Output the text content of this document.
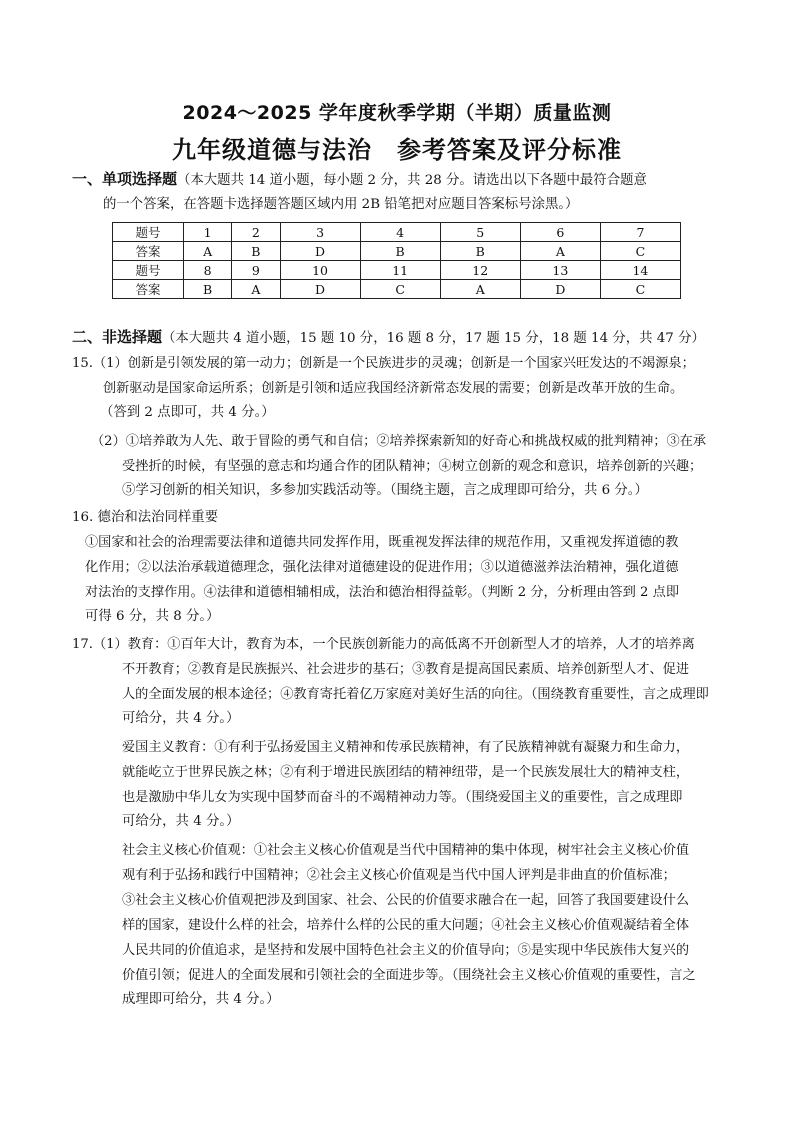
2024～2025 学年度秋季学期（半期）质量监测
九年级道德与法治　参考答案及评分标准
一、单项选择题（本大题共 14 道小题，每小题 2 分，共 28 分。请选出以下各题中最符合题意
的一个答案，在答题卡选择题答题区域内用 2B 铅笔把对应题目答案标号涂黑。）
题号	1	2	3	4	5	6	7
答案	A	B	D	B	B	A	C
题号	8	9	10	11	12	13	14
答案	B	A	D	C	A	D	C
二、非选择题（本大题共 4 道小题，15 题 10 分，16 题 8 分，17 题 15 分，18 题 14 分，共 47 分）
15.（1）创新是引领发展的第一动力；创新是一个民族进步的灵魂；创新是一个国家兴旺发达的不竭源泉；
创新驱动是国家命运所系；创新是引领和适应我国经济新常态发展的需要；创新是改革开放的生命。
（答到 2 点即可，共 4 分。）
（2）①培养敢为人先、敢于冒险的勇气和自信；②培养探索新知的好奇心和挑战权威的批判精神；③在承
受挫折的时候，有坚强的意志和均通合作的团队精神；④树立创新的观念和意识，培养创新的兴趣；
⑤学习创新的相关知识，多参加实践活动等。（围绕主题，言之成理即可给分，共 6 分。）
16. 德治和法治同样重要
①国家和社会的治理需要法律和道德共同发挥作用，既重视发挥法律的规范作用，又重视发挥道德的教
化作用；②以法治承载道德理念，强化法律对道德建设的促进作用；③以道德滋养法治精神，强化道德
对法治的支撑作用。④法律和道德相辅相成，法治和德治相得益彰。（判断 2 分，分析理由答到 2 点即
可得 6 分，共 8 分。）
17.（1）教育：①百年大计，教育为本，一个民族创新能力的高低离不开创新型人才的培养，人才的培养离
不开教育；②教育是民族振兴、社会进步的基石；③教育是提高国民素质、培养创新型人才、促进
人的全面发展的根本途径；④教育寄托着亿万家庭对美好生活的向往。（围绕教育重要性，言之成理即
可给分，共 4 分。）
爱国主义教育：①有利于弘扬爱国主义精神和传承民族精神，有了民族精神就有凝聚力和生命力，
就能屹立于世界民族之林；②有利于增进民族团结的精神纽带，是一个民族发展壮大的精神支柱，
也是激励中华儿女为实现中国梦而奋斗的不竭精神动力等。（围绕爱国主义的重要性，言之成理即
可给分，共 4 分。）
社会主义核心价值观：①社会主义核心价值观是当代中国精神的集中体现，树牢社会主义核心价值
观有利于弘扬和践行中国精神；②社会主义核心价值观是当代中国人评判是非曲直的价值标准；
③社会主义核心价值观把涉及到国家、社会、公民的价值要求融合在一起，回答了我国要建设什么
样的国家，建设什么样的社会，培养什么样的公民的重大问题；④社会主义核心价值观凝结着全体
人民共同的价值追求，是坚持和发展中国特色社会主义的价值导向；⑤是实现中华民族伟大复兴的
价值引领；促进人的全面发展和引领社会的全面进步等。（围绕社会主义核心价值观的重要性，言之
成理即可给分，共 4 分。）
